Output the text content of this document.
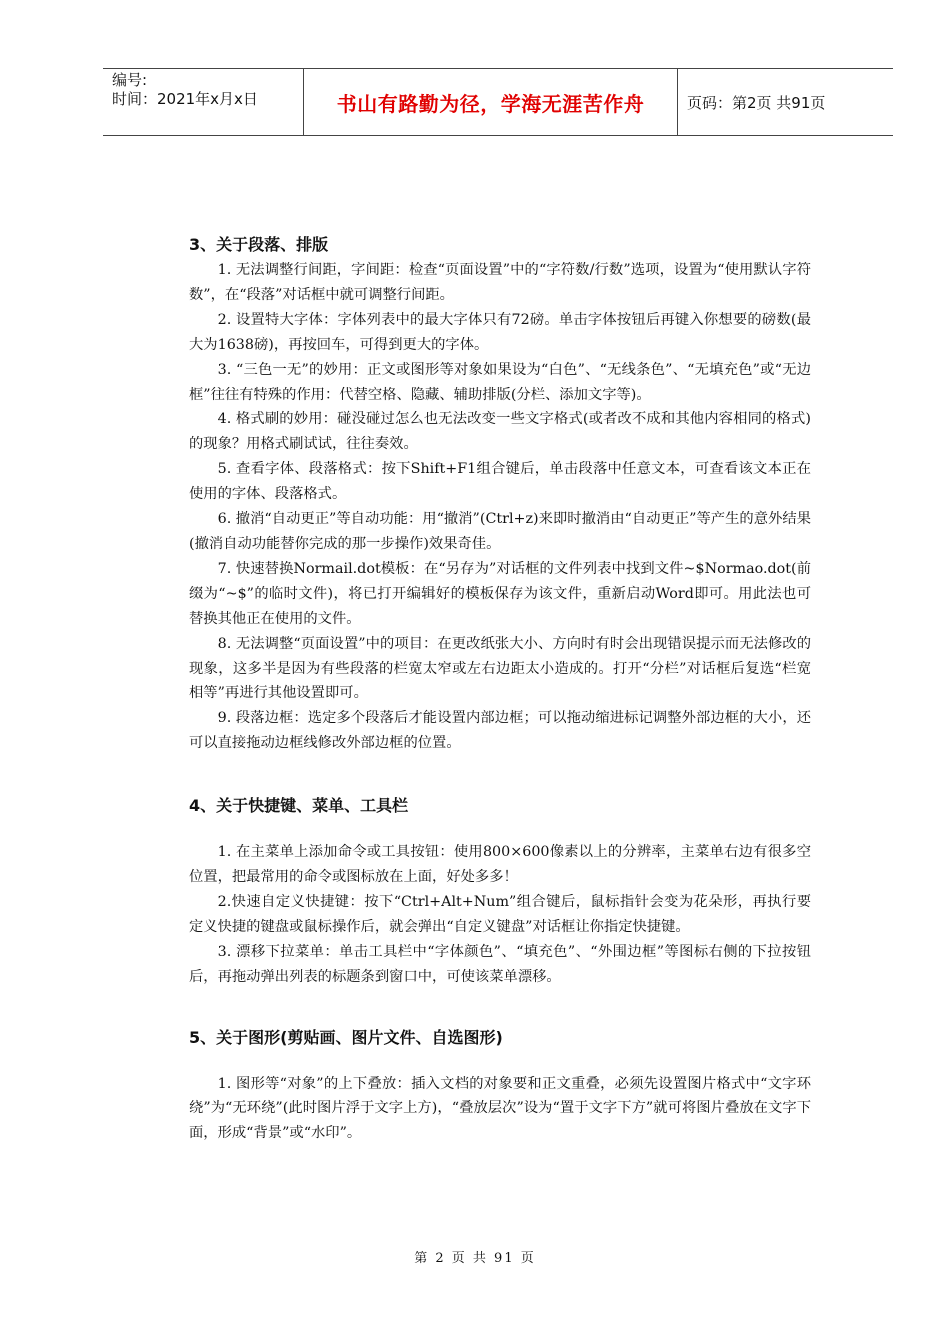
编号:
时间：2021年x月x日	书山有路勤为径，学海无涯苦作舟	页码：第2页 共91页
3、关于段落、排版

1. 无法调整行间距，字间距：检查“页面设置”中的“字符数/行数”选项，设置为“使用默认字符数”，在“段落”对话框中就可调整行间距。

2. 设置特大字体：字体列表中的最大字体只有72磅。单击字体按钮后再键入你想要的磅数(最大为1638磅)，再按回车，可得到更大的字体。

3. “三色一无”的妙用：正文或图形等对象如果设为“白色”、“无线条色”、“无填充色”或“无边框”往往有特殊的作用：代替空格、隐藏、辅助排版(分栏、添加文字等)。

4. 格式刷的妙用：碰没碰过怎么也无法改变一些文字格式(或者改不成和其他内容相同的格式)的现象？用格式刷试试，往往奏效。

5. 查看字体、段落格式：按下Shift+F1组合键后，单击段落中任意文本，可查看该文本正在使用的字体、段落格式。

6. 撤消“自动更正”等自动功能：用“撤消”(Ctrl+z)来即时撤消由“自动更正”等产生的意外结果(撤消自动功能替你完成的那一步操作)效果奇佳。

7. 快速替换Normail.dot模板：在“另存为”对话框的文件列表中找到文件~$Normao.dot(前缀为“~$”的临时文件)，将已打开编辑好的模板保存为该文件，重新启动Word即可。用此法也可替换其他正在使用的文件。

8. 无法调整“页面设置”中的项目：在更改纸张大小、方向时有时会出现错误提示而无法修改的现象，这多半是因为有些段落的栏宽太窄或左右边距太小造成的。打开“分栏”对话框后复选“栏宽相等”再进行其他设置即可。

9. 段落边框：选定多个段落后才能设置内部边框；可以拖动缩进标记调整外部边框的大小，还可以直接拖动边框线修改外部边框的位置。

4、关于快捷键、菜单、工具栏

1. 在主菜单上添加命令或工具按钮：使用800×600像素以上的分辨率，主菜单右边有很多空位置，把最常用的命令或图标放在上面，好处多多！

2.快速自定义快捷键：按下“Ctrl+Alt+Num”组合键后，鼠标指针会变为花朵形，再执行要定义快捷的键盘或鼠标操作后，就会弹出“自定义键盘”对话框让你指定快捷键。

3. 漂移下拉菜单：单击工具栏中“字体颜色”、“填充色”、“外围边框”等图标右侧的下拉按钮后，再拖动弹出列表的标题条到窗口中，可使该菜单漂移。

5、关于图形(剪贴画、图片文件、自选图形)

1. 图形等“对象”的上下叠放：插入文档的对象要和正文重叠，必须先设置图片格式中“文字环绕”为“无环绕”(此时图片浮于文字上方)，“叠放层次”设为“置于文字下方”就可将图片叠放在文字下面，形成“背景”或“水印”。

第 2 页 共 91 页
